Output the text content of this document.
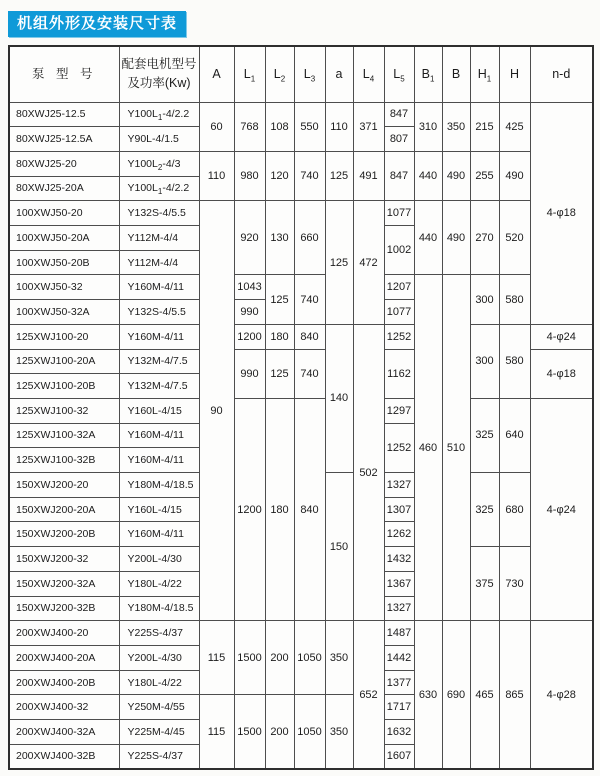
机组外形及安装尺寸表
泵 型 号	配套电机型号
及功率(Kw)	A	$L_1$	$L_2$	$L_3$	a	$L_4$	$L_5$	$B_1$	B	$H_1$	H	n-d
80XWJ25-12.5	$Y100L_1-4/2.2$	60	768	108	550	110	371	847	310	350	215	425	4-φ18
80XWJ25-12.5A	Y90L-4/1.5							807					
80XWJ25-20	$Y100L_2-4/3$	110	980	120	740	125	491	847	440	490	255	490	
80XWJ25-20A	$Y100L_1-4/2.2$												
100XWJ50-20	Y132S-4/5.5	90	920	130	660	125	472	1077	440	490	270	520	
100XWJ50-20A	Y112M-4/4							1002					
100XWJ50-20B	Y112M-4/4												
100XWJ50-32	Y160M-4/11		1043	125	740			1207	460	510	300	580	
100XWJ50-32A	Y132S-4/5.5		990					1077					
125XWJ100-20	Y160M-4/11		1200	180	840	140	502	1252			300	580	4-φ24
125XWJ100-20A	Y132M-4/7.5		990	125	740			1162					4-φ18
125XWJ100-20B	Y132M-4/7.5												
125XWJ100-32	Y160L-4/15		1200	180	840			1297			325	640	4-φ24
125XWJ100-32A	Y160M-4/11							1252					
125XWJ100-32B	Y160M-4/11												
150XWJ200-20	Y180M-4/18.5					150		1327			325	680	
150XWJ200-20A	Y160L-4/15							1307					
150XWJ200-20B	Y160M-4/11							1262					
150XWJ200-32	Y200L-4/30							1432			375	730	
150XWJ200-32A	Y180L-4/22							1367					
150XWJ200-32B	Y180M-4/18.5							1327					
200XWJ400-20	Y225S-4/37	115	1500	200	1050	350	652	1487	630	690	465	865	4-φ28
200XWJ400-20A	Y200L-4/30							1442					
200XWJ400-20B	Y180L-4/22							1377					
200XWJ400-32	Y250M-4/55	115	1500	200	1050	350		1717					
200XWJ400-32A	Y225M-4/45							1632					
200XWJ400-32B	Y225S-4/37							1607					
